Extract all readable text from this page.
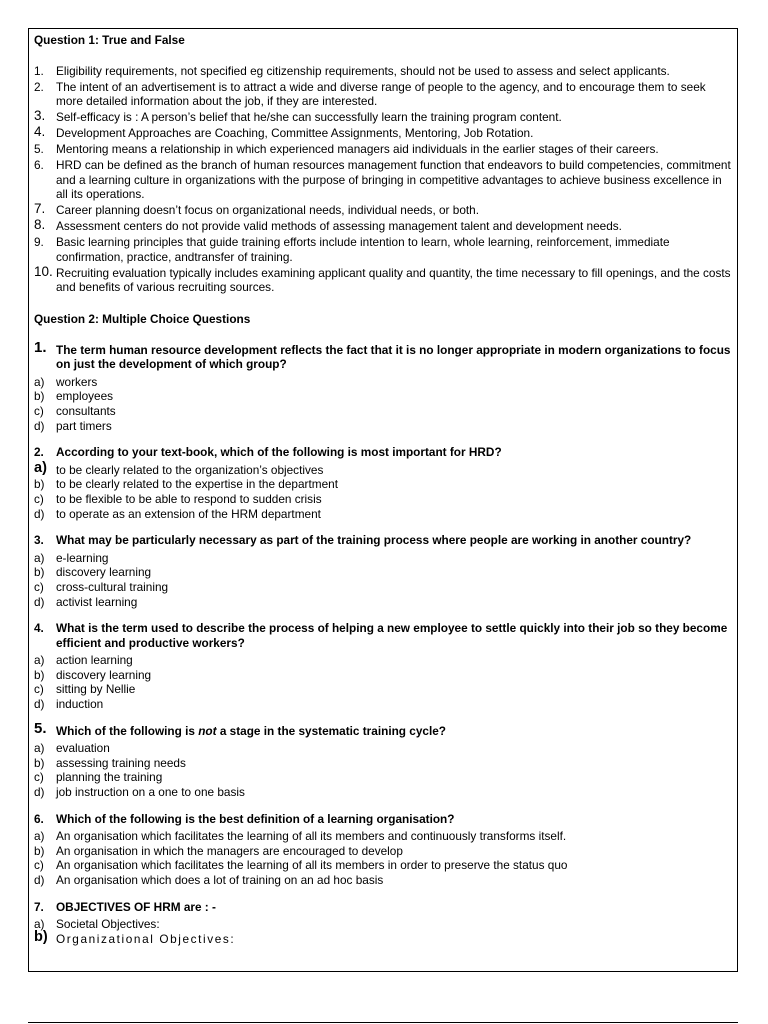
Question 1: True and False
1. Eligibility requirements, not specified eg citizenship requirements, should not be used to assess and select applicants.
2. The intent of an advertisement is to attract a wide and diverse range of people to the agency, and to encourage them to seek more detailed information about the job, if they are interested.
3. Self-efficacy is : A person’s belief that he/she can successfully learn the training program content.
4. Development Approaches are Coaching, Committee Assignments, Mentoring, Job Rotation.
5. Mentoring means a relationship in which experienced managers aid individuals in the earlier stages of their careers.
6. HRD can be defined as the branch of human resources management function that endeavors to build competencies, commitment and a learning culture in organizations with the purpose of bringing in competitive advantages to achieve business excellence in all its operations.
7. Career planning doesn’t focus on organizational needs, individual needs, or both.
8. Assessment centers do not provide valid methods of assessing management talent and development needs.
9. Basic learning principles that guide training efforts include intention to learn, whole learning, reinforcement, immediate confirmation, practice, andtransfer of training.
10. Recruiting evaluation typically includes examining applicant quality and quantity, the time necessary to fill openings, and the costs and benefits of various recruiting sources.
Question 2: Multiple Choice Questions
1. The term human resource development reflects the fact that it is no longer appropriate in modern organizations to focus on just the development of which group?
a) workers
b) employees
c) consultants
d) part timers
2. According to your text-book, which of the following is most important for HRD?
a) to be clearly related to the organization’s objectives
b) to be clearly related to the expertise in the department
c) to be flexible to be able to respond to sudden crisis
d) to operate as an extension of the HRM department
3. What may be particularly necessary as part of the training process where people are working in another country?
a) e-learning
b) discovery learning
c) cross-cultural training
d) activist learning
4. What is the term used to describe the process of helping a new employee to settle quickly into their job so they become efficient and productive workers?
a) action learning
b) discovery learning
c) sitting by Nellie
d) induction
5. Which of the following is not a stage in the systematic training cycle?
a) evaluation
b) assessing training needs
c) planning the training
d) job instruction on a one to one basis
6. Which of the following is the best definition of a learning organisation?
a) An organisation which facilitates the learning of all its members and continuously transforms itself.
b) An organisation in which the managers are encouraged to develop
c) An organisation which facilitates the learning of all its members in order to preserve the status quo
d) An organisation which does a lot of training on an ad hoc basis
7. OBJECTIVES OF HRM are : -
a) Societal Objectives:
b) Organizational Objectives:
